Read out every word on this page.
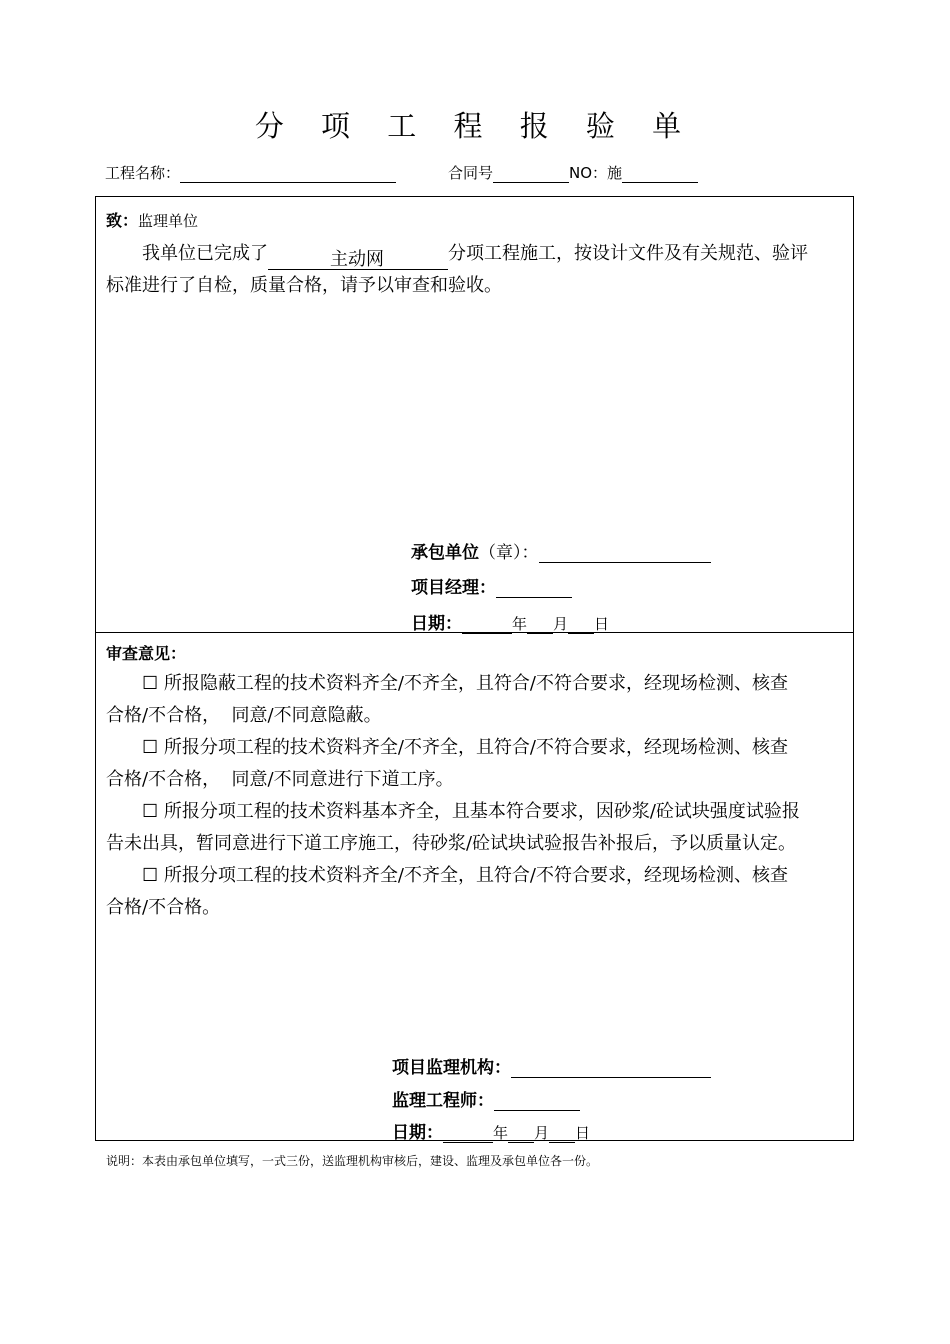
分 项 工 程 报 验 单
工程名称：	合同号	NO：施
致：监理单位
我单位已完成了	主动网	分项工程施工，按设计文件及有关规范、验评
标准进行了自检，质量合格，请予以审查和验收。
承包单位（章）：
项目经理：
日期：	年 月 日
审查意见：
☐ 所报隐蔽工程的技术资料齐全/不齐全，且符合/不符合要求，经现场检测、核查
合格/不合格，  同意/不同意隐蔽。
☐ 所报分项工程的技术资料齐全/不齐全，且符合/不符合要求，经现场检测、核查
合格/不合格，  同意/不同意进行下道工序。
☐ 所报分项工程的技术资料基本齐全，且基本符合要求，因砂浆/砼试块强度试验报
告未出具，暂同意进行下道工序施工，待砂浆/砼试块试验报告补报后，予以质量认定。
☐ 所报分项工程的技术资料齐全/不齐全，且符合/不符合要求，经现场检测、核查
合格/不合格。
项目监理机构：
监理工程师：
日期：	年 月 日
说明：本表由承包单位填写，一式三份，送监理机构审核后，建设、监理及承包单位各一份。
